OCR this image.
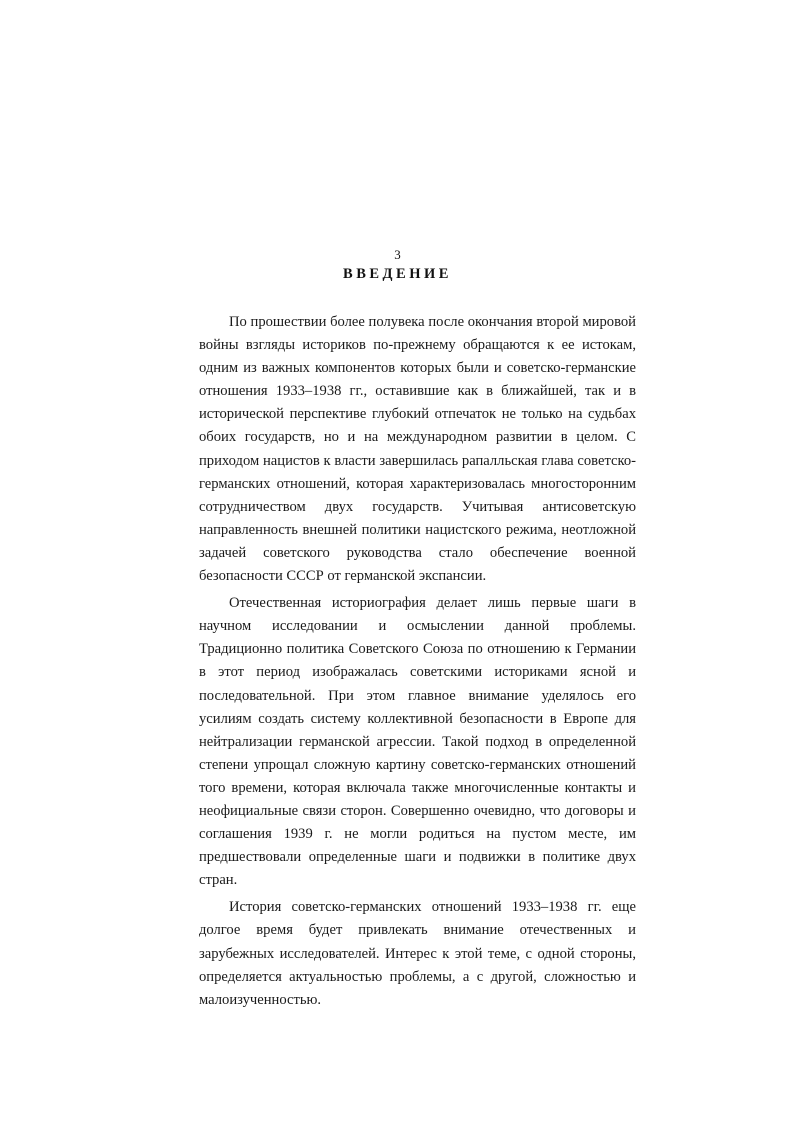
3
ВВЕДЕНИЕ

По прошествии более полувека после окончания второй мировой войны взгляды историков по-прежнему обращаются к ее истокам, одним из важных компонентов которых были и советско-германские отношения 1933–1938 гг., оставившие как в ближайшей, так и в исторической перспективе глубокий отпечаток не только на судьбах обоих государств, но и на международном развитии в целом. С приходом нацистов к власти завершилась рапалльская глава советско-германских отношений, которая характеризовалась многосторонним сотрудничеством двух государств. Учитывая антисоветскую направленность внешней политики нацистского режима, неотложной задачей советского руководства стало обеспечение военной безопасности СССР от германской экспансии.

Отечественная историография делает лишь первые шаги в научном исследовании и осмыслении данной проблемы. Традиционно политика Советского Союза по отношению к Германии в этот период изображалась советскими историками ясной и последовательной. При этом главное внимание уделялось его усилиям создать систему коллективной безопасности в Европе для нейтрализации германской агрессии. Такой подход в определенной степени упрощал сложную картину советско-германских отношений того времени, которая включала также многочисленные контакты и неофициальные связи сторон. Совершенно очевидно, что договоры и соглашения 1939 г. не могли родиться на пустом месте, им предшествовали определенные шаги и подвижки в политике двух стран.

История советско-германских отношений 1933–1938 гг. еще долгое время будет привлекать внимание отечественных и зарубежных исследователей. Интерес к этой теме, с одной стороны, определяется актуальностью проблемы, а с другой, сложностью и малоизученностью.
